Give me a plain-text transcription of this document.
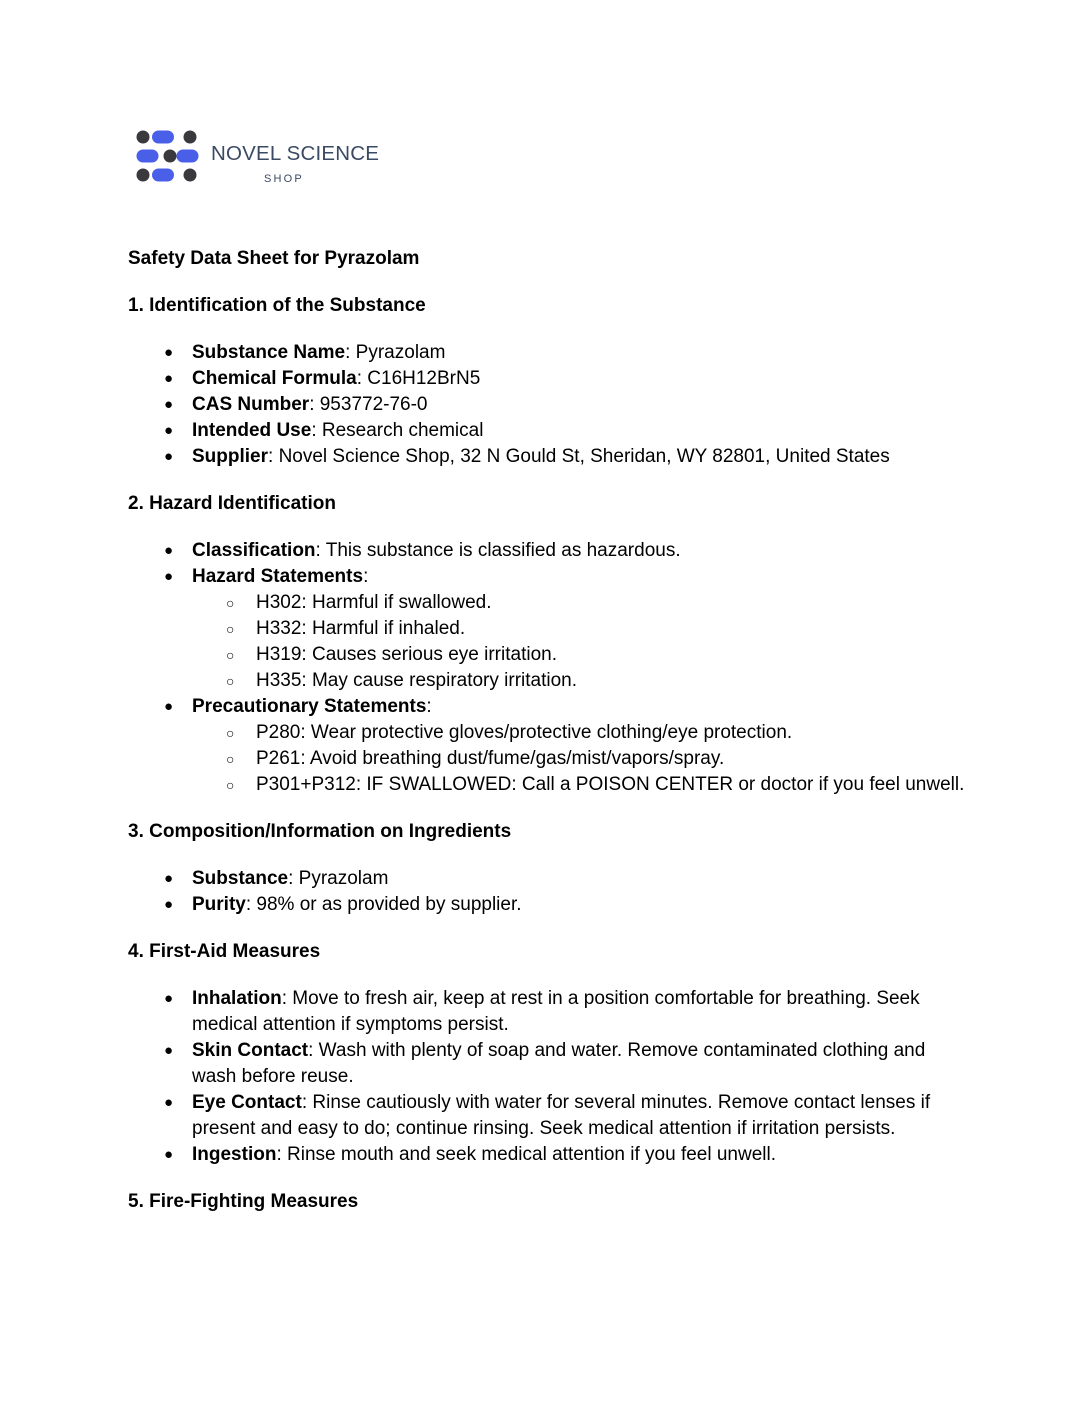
NOVEL SCIENCE
SHOP
Safety Data Sheet for Pyrazolam
1. Identification of the Substance
● Substance Name: Pyrazolam
● Chemical Formula: C16H12BrN5
● CAS Number: 953772-76-0
● Intended Use: Research chemical
● Supplier: Novel Science Shop, 32 N Gould St, Sheridan, WY 82801, United States
2. Hazard Identification
● Classification: This substance is classified as hazardous.
● Hazard Statements:
○ H302: Harmful if swallowed.
○ H332: Harmful if inhaled.
○ H319: Causes serious eye irritation.
○ H335: May cause respiratory irritation.
● Precautionary Statements:
○ P280: Wear protective gloves/protective clothing/eye protection.
○ P261: Avoid breathing dust/fume/gas/mist/vapors/spray.
○ P301+P312: IF SWALLOWED: Call a POISON CENTER or doctor if you feel unwell.
3. Composition/Information on Ingredients
● Substance: Pyrazolam
● Purity: 98% or as provided by supplier.
4. First-Aid Measures
● Inhalation: Move to fresh air, keep at rest in a position comfortable for breathing. Seek medical attention if symptoms persist.
● Skin Contact: Wash with plenty of soap and water. Remove contaminated clothing and wash before reuse.
● Eye Contact: Rinse cautiously with water for several minutes. Remove contact lenses if present and easy to do; continue rinsing. Seek medical attention if irritation persists.
● Ingestion: Rinse mouth and seek medical attention if you feel unwell.
5. Fire-Fighting Measures
